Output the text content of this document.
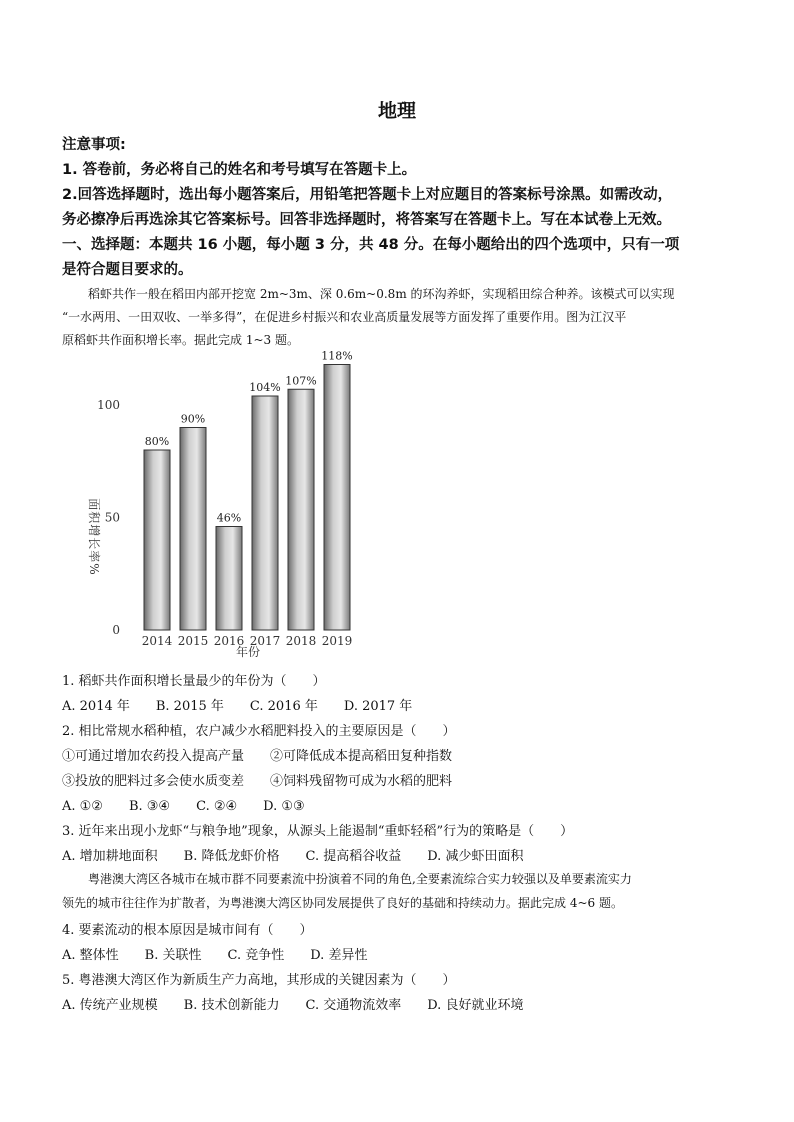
地理
注意事项:
1. 答卷前，务必将自己的姓名和考号填写在答题卡上。
2.回答选择题时，选出每小题答案后，用铅笔把答题卡上对应题目的答案标号涂黑。如需改动，
务必擦净后再选涂其它答案标号。回答非选择题时，将答案写在答题卡上。写在本试卷上无效。
一、选择题：本题共 16 小题，每小题 3 分，共 48 分。在每小题给出的四个选项中，只有一项
是符合题目要求的。
稻虾共作一般在稻田内部开挖宽 2m~3m、深 0.6m~0.8m 的环沟养虾，实现稻田综合种养。该模式可以实现
“一水两用、一田双收、一举多得”，在促进乡村振兴和农业高质量发展等方面发挥了重要作用。图为江汉平
原稻虾共作面积增长率。据此完成 1~3 题。
面积增长率%
0
50
100
80%
2014
90%
2015
46%
2016
104%
2017
107%
2018
118%
2019
年份
1. 稻虾共作面积增长量最少的年份为（　　）
A. 2014 年　　B. 2015 年　　C. 2016 年　　D. 2017 年
2. 相比常规水稻种植，农户减少水稻肥料投入的主要原因是（　　）
①可通过增加农药投入提高产量　　②可降低成本提高稻田复种指数
③投放的肥料过多会使水质变差　　④饲料残留物可成为水稻的肥料
A. ①②　　B. ③④　　C. ②④　　D. ①③
3. 近年来出现小龙虾“与粮争地”现象，从源头上能遏制“重虾轻稻”行为的策略是（　　）
A. 增加耕地面积　　B. 降低龙虾价格　　C. 提高稻谷收益　　D. 减少虾田面积
粤港澳大湾区各城市在城市群不同要素流中扮演着不同的角色,全要素流综合实力较强以及单要素流实力
领先的城市往往作为扩散者，为粤港澳大湾区协同发展提供了良好的基础和持续动力。据此完成 4~6 题。
4. 要素流动的根本原因是城市间有（　　）
A. 整体性　　B. 关联性　　C. 竞争性　　D. 差异性
5. 粤港澳大湾区作为新质生产力高地，其形成的关键因素为（　　）
A. 传统产业规模　　B. 技术创新能力　　C. 交通物流效率　　D. 良好就业环境
